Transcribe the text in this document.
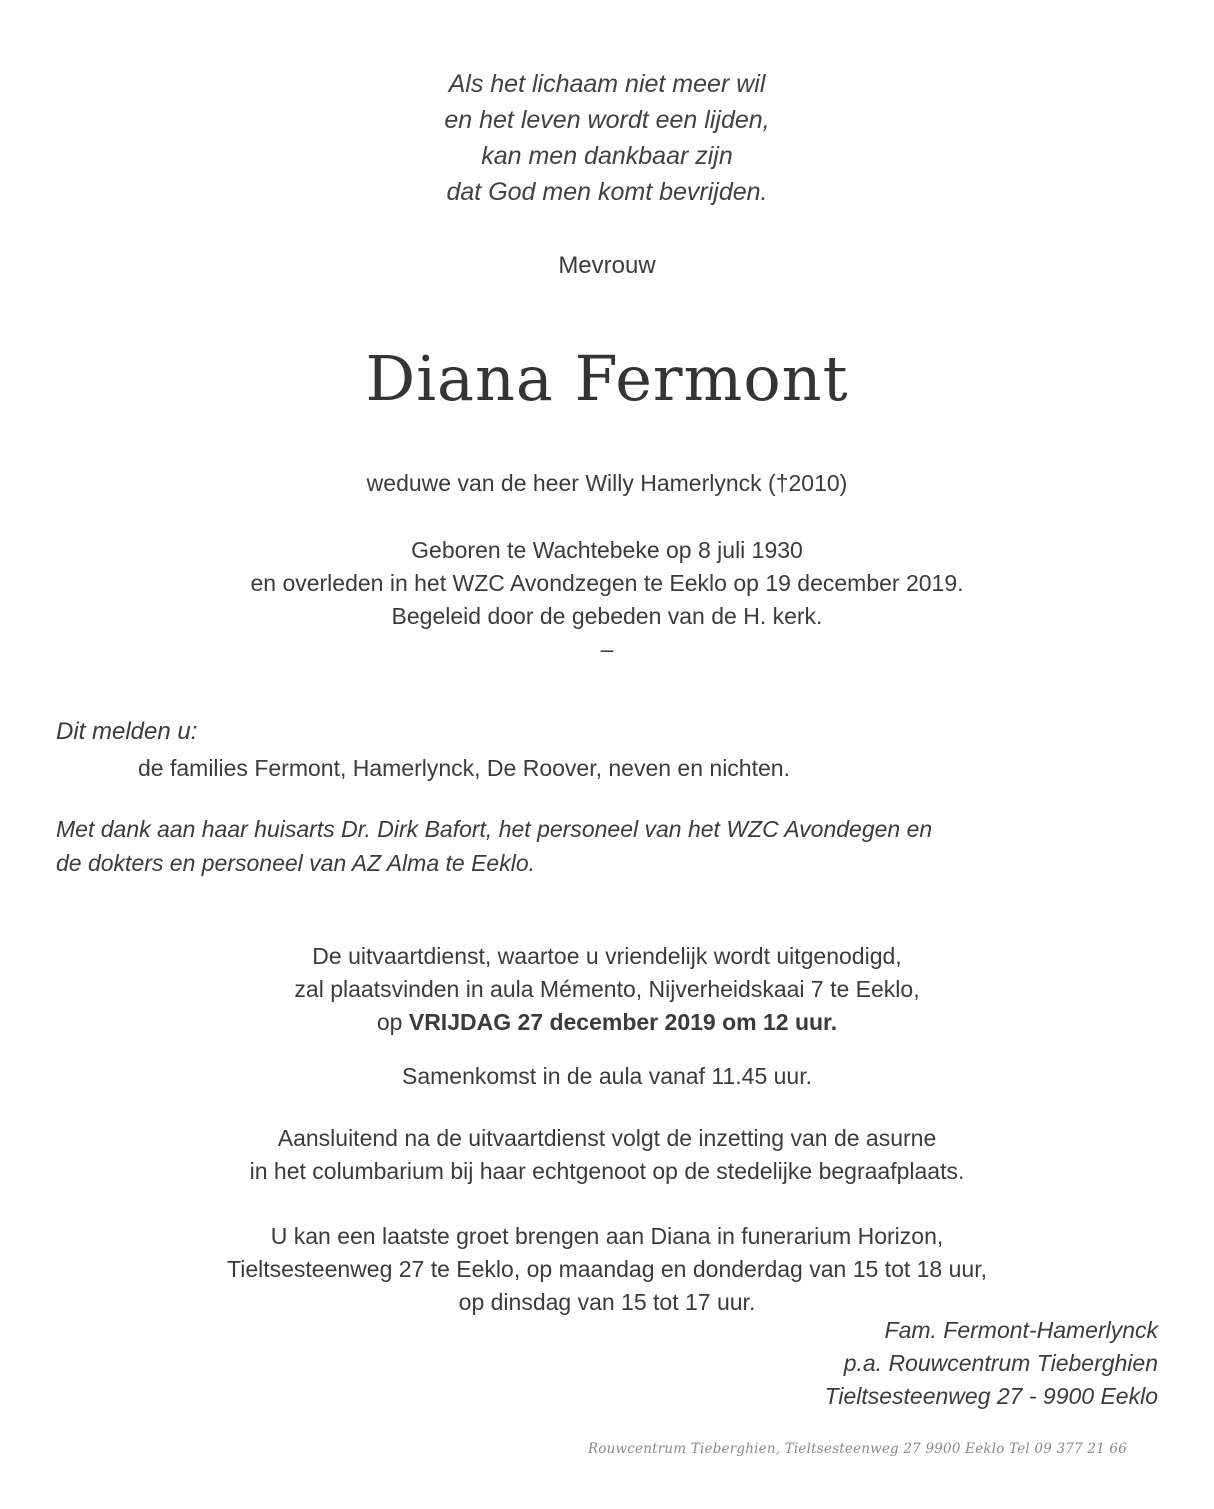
Als het lichaam niet meer wil
en het leven wordt een lijden,
kan men dankbaar zijn
dat God men komt bevrijden.
Mevrouw
Diana Fermont
weduwe van de heer Willy Hamerlynck (†2010)
Geboren te Wachtebeke op 8 juli 1930
en overleden in het WZC Avondzegen te Eeklo op 19 december 2019.
Begeleid door de gebeden van de H. kerk.
–
Dit melden u:
de families Fermont, Hamerlynck, De Roover, neven en nichten.
Met dank aan haar huisarts Dr. Dirk Bafort, het personeel van het WZC Avondegen en
de dokters en personeel van AZ Alma te Eeklo.
De uitvaartdienst, waartoe u vriendelijk wordt uitgenodigd,
zal plaatsvinden in aula Mémento, Nijverheidskaai 7 te Eeklo,
op VRIJDAG 27 december 2019 om 12 uur.
Samenkomst in de aula vanaf 11.45 uur.
Aansluitend na de uitvaartdienst volgt de inzetting van de asurne
in het columbarium bij haar echtgenoot op de stedelijke begraafplaats.
U kan een laatste groet brengen aan Diana in funerarium Horizon,
Tieltsesteenweg 27 te Eeklo, op maandag en donderdag van 15 tot 18 uur,
op dinsdag van 15 tot 17 uur.
Fam. Fermont-Hamerlynck
p.a. Rouwcentrum Tieberghien
Tieltsesteenweg 27 - 9900 Eeklo
Rouwcentrum Tieberghien, Tieltsesteenweg 27 9900 Eeklo Tel 09 377 21 66
